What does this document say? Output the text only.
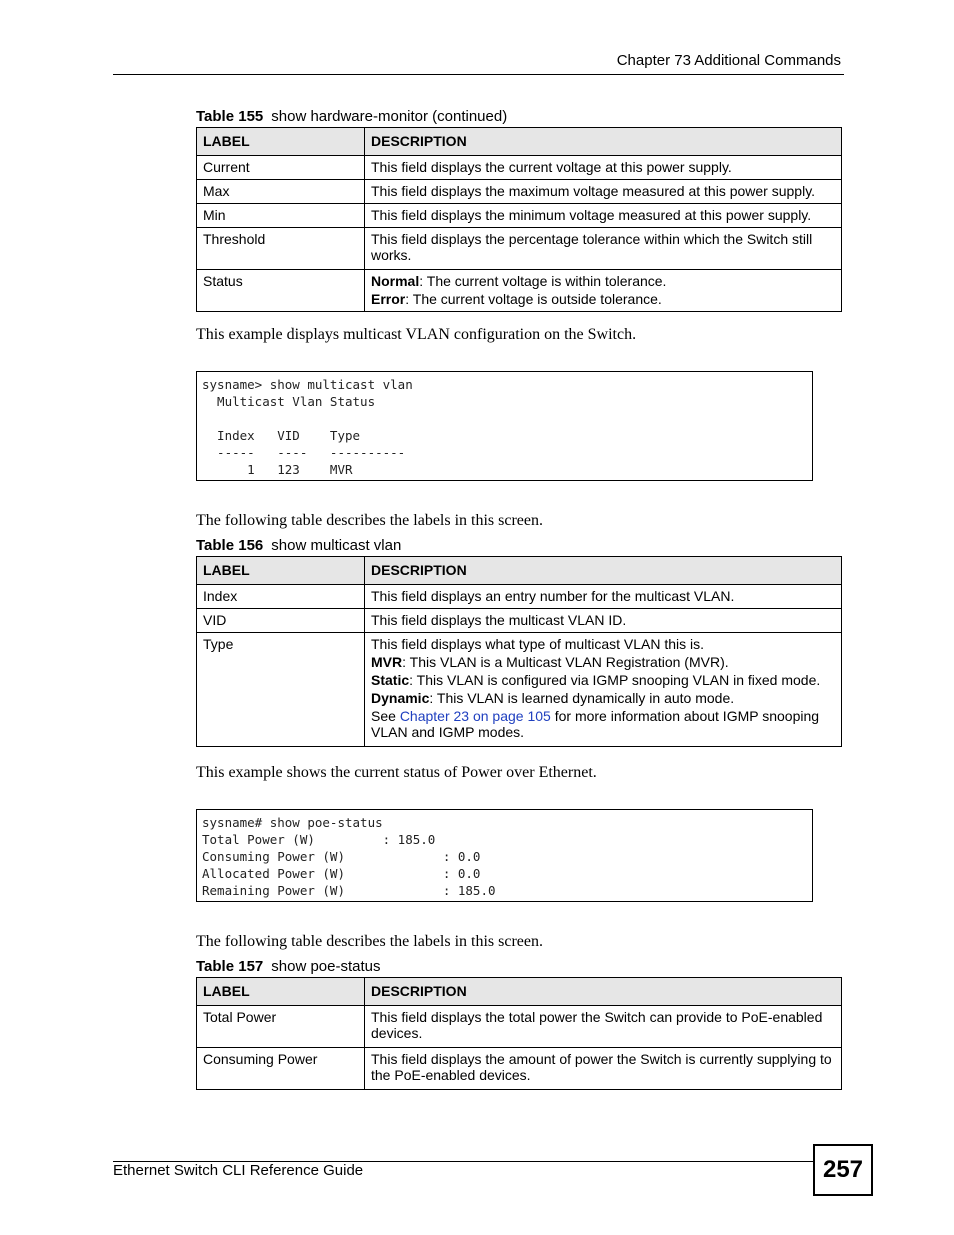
Chapter 73 Additional Commands
Table 155 show hardware-monitor (continued)
LABEL	DESCRIPTION
Current	This field displays the current voltage at this power supply.
Max	This field displays the maximum voltage measured at this power supply.
Min	This field displays the minimum voltage measured at this power supply.
Threshold	This field displays the percentage tolerance within which the Switch still works.
Status	Normal: The current voltage is within tolerance.
Error: The current voltage is outside tolerance.
This example displays multicast VLAN configuration on the Switch.
sysname> show multicast vlan
Multicast Vlan Status

Index   VID    Type
-----   ----   ----------
1   123    MVR
The following table describes the labels in this screen.
Table 156 show multicast vlan
LABEL	DESCRIPTION
Index	This field displays an entry number for the multicast VLAN.
VID	This field displays the multicast VLAN ID.
Type	This field displays what type of multicast VLAN this is.
MVR: This VLAN is a Multicast VLAN Registration (MVR).
Static: This VLAN is configured via IGMP snooping VLAN in fixed mode.
Dynamic: This VLAN is learned dynamically in auto mode.
See Chapter 23 on page 105 for more information about IGMP snooping VLAN and IGMP modes.
This example shows the current status of Power over Ethernet.
sysname# show poe-status
Total Power (W)         : 185.0
Consuming Power (W)             : 0.0
Allocated Power (W)             : 0.0
Remaining Power (W)             : 185.0
The following table describes the labels in this screen.
Table 157 show poe-status
LABEL	DESCRIPTION
Total Power	This field displays the total power the Switch can provide to PoE-enabled devices.
Consuming Power	This field displays the amount of power the Switch is currently supplying to the PoE-enabled devices.
Ethernet Switch CLI Reference Guide	257
